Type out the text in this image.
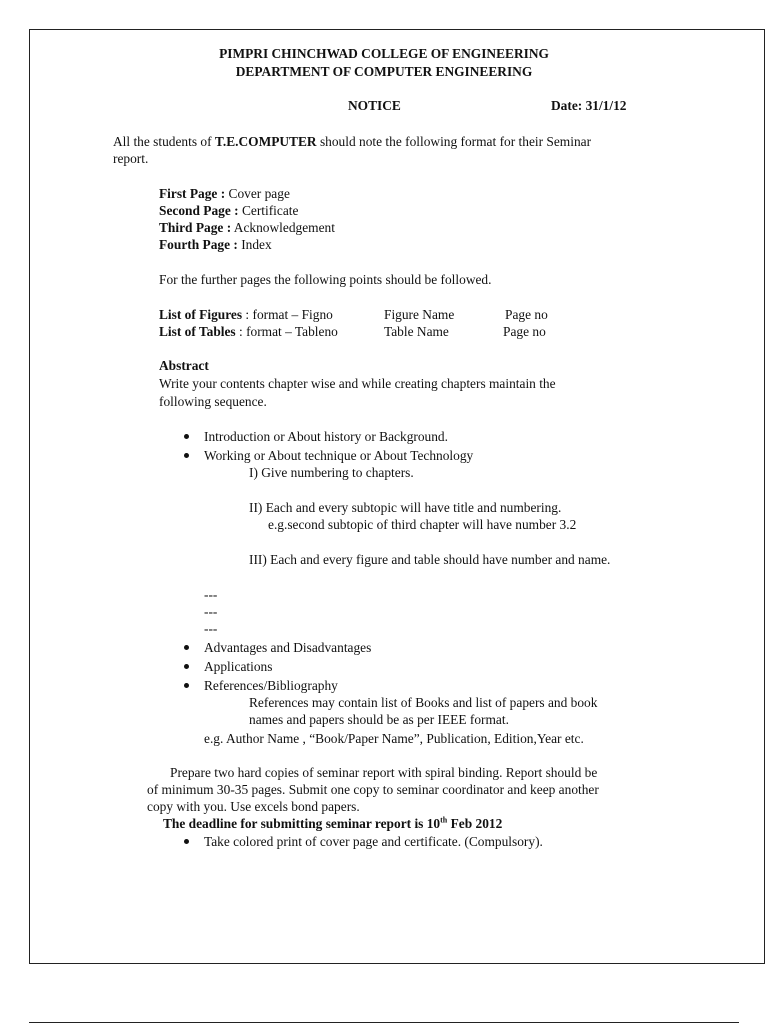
PIMPRI CHINCHWAD COLLEGE OF ENGINEERING
DEPARTMENT OF COMPUTER ENGINEERING
NOTICE	Date: 31/1/12
All the students of T.E.COMPUTER should note the following format for their Seminar
report.
First Page : Cover page
Second Page : Certificate
Third Page : Acknowledgement
Fourth Page : Index
For the further pages the following points should be followed.
List of Figures : format – Figno	Figure Name	Page no
List of Tables : format – Tableno	Table Name	Page no
Abstract
Write your contents chapter wise and while creating chapters maintain the
following sequence.
Introduction or About history or Background.
Working or About technique or About Technology
I) Give numbering to chapters.
II) Each and every subtopic will have title and numbering.
e.g.second subtopic of third chapter will have number 3.2
III) Each and every figure and table should have number and name.
---
---
---
Advantages and Disadvantages
Applications
References/Bibliography
References may contain list of Books and list of papers and book
names and papers should be as per IEEE format.
e.g. Author Name , “Book/Paper Name”, Publication, Edition,Year etc.
Prepare two hard copies of seminar report with spiral binding. Report should be
of minimum 30-35 pages. Submit one copy to seminar coordinator and keep another
copy with you. Use excels bond papers.
The deadline for submitting seminar report is 10th Feb 2012
Take colored print of cover page and certificate. (Compulsory).
